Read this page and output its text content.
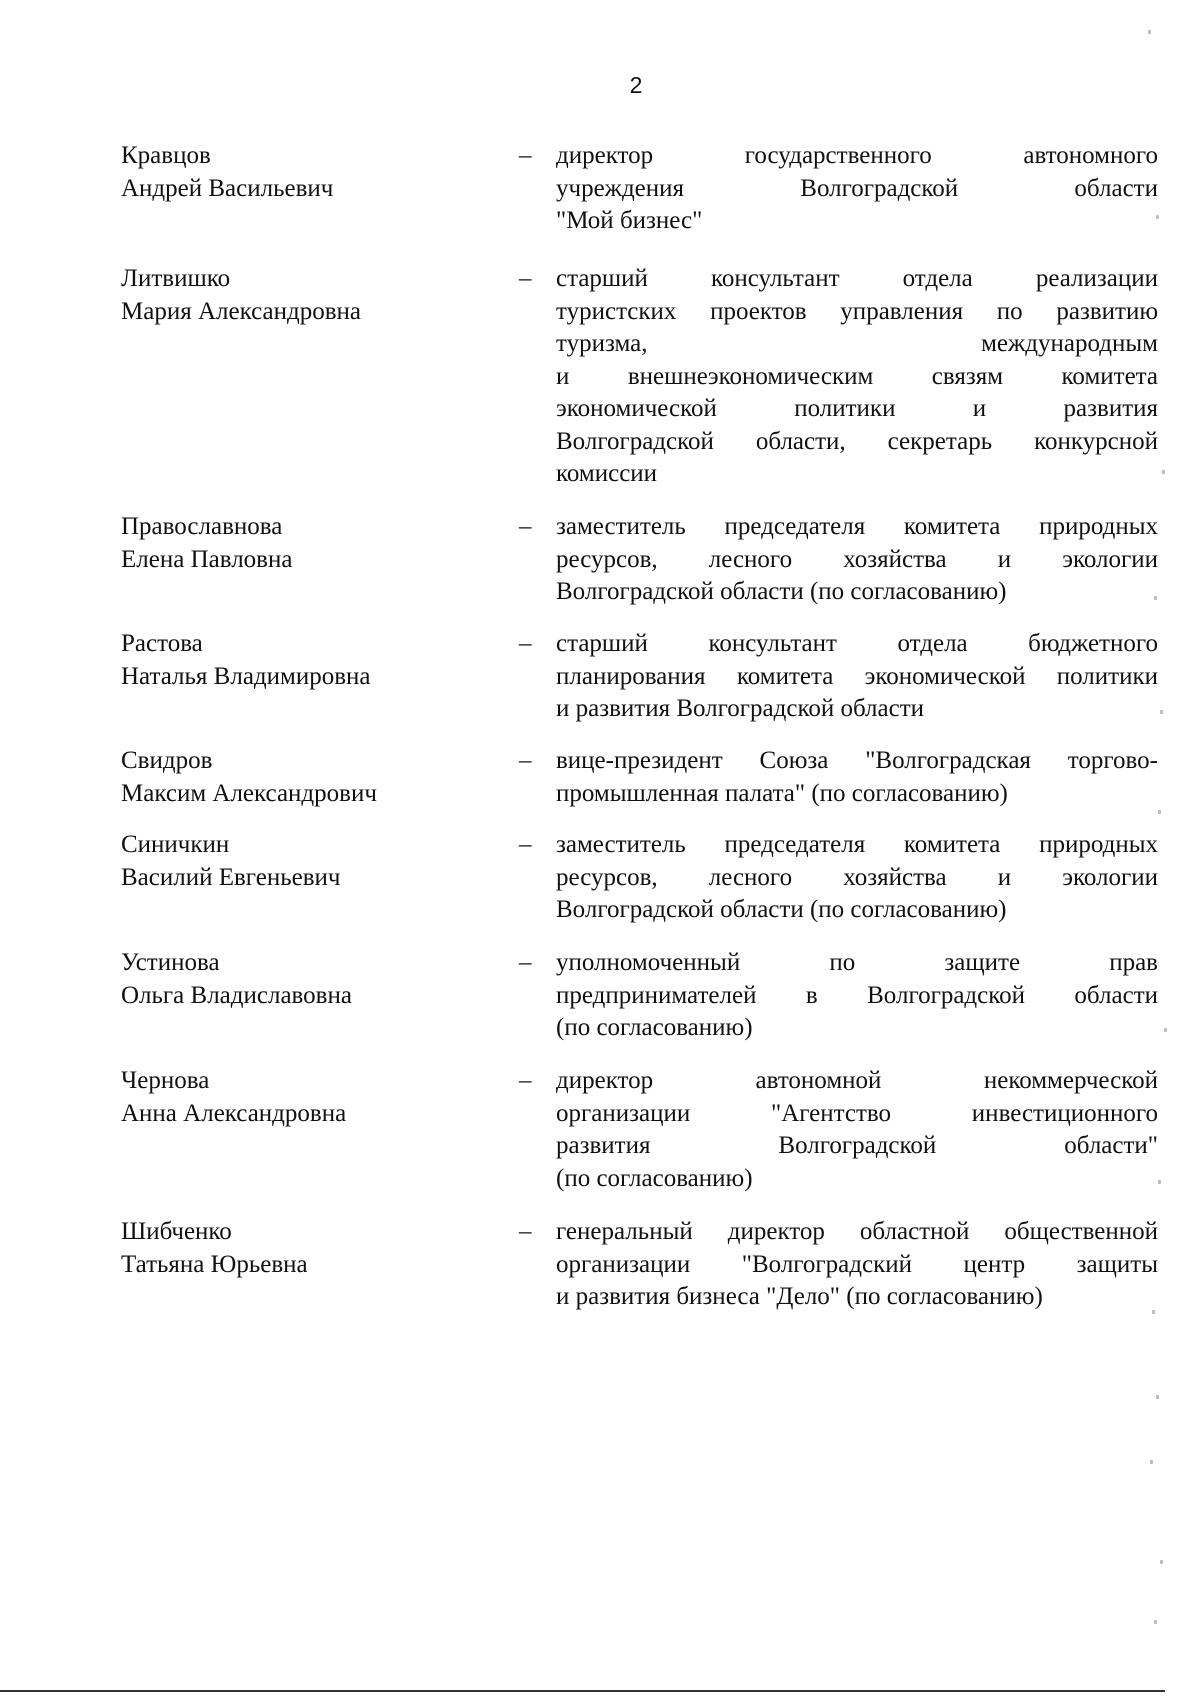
2
Кравцов
Андрей Васильевич
– директор государственного автономного
учреждения Волгоградской области
"Мой бизнес"
Литвишко
Мария Александровна
– старший консультант отдела реализации
туристских проектов управления по развитию
туризма, международным
и внешнеэкономическим связям комитета
экономической политики и развития
Волгоградской области, секретарь конкурсной
комиссии
Православнова
Елена Павловна
– заместитель председателя комитета природных
ресурсов, лесного хозяйства и экологии
Волгоградской области (по согласованию)
Растова
Наталья Владимировна
– старший консультант отдела бюджетного
планирования комитета экономической политики
и развития Волгоградской области
Свидров
Максим Александрович
– вице-президент Союза "Волгоградская торгово-
промышленная палата" (по согласованию)
Синичкин
Василий Евгеньевич
– заместитель председателя комитета природных
ресурсов, лесного хозяйства и экологии
Волгоградской области (по согласованию)
Устинова
Ольга Владиславовна
– уполномоченный по защите прав
предпринимателей в Волгоградской области
(по согласованию)
Чернова
Анна Александровна
– директор автономной некоммерческой
организации "Агентство инвестиционного
развития Волгоградской области"
(по согласованию)
Шибченко
Татьяна Юрьевна
– генеральный директор областной общественной
организации "Волгоградский центр защиты
и развития бизнеса "Дело" (по согласованию)
